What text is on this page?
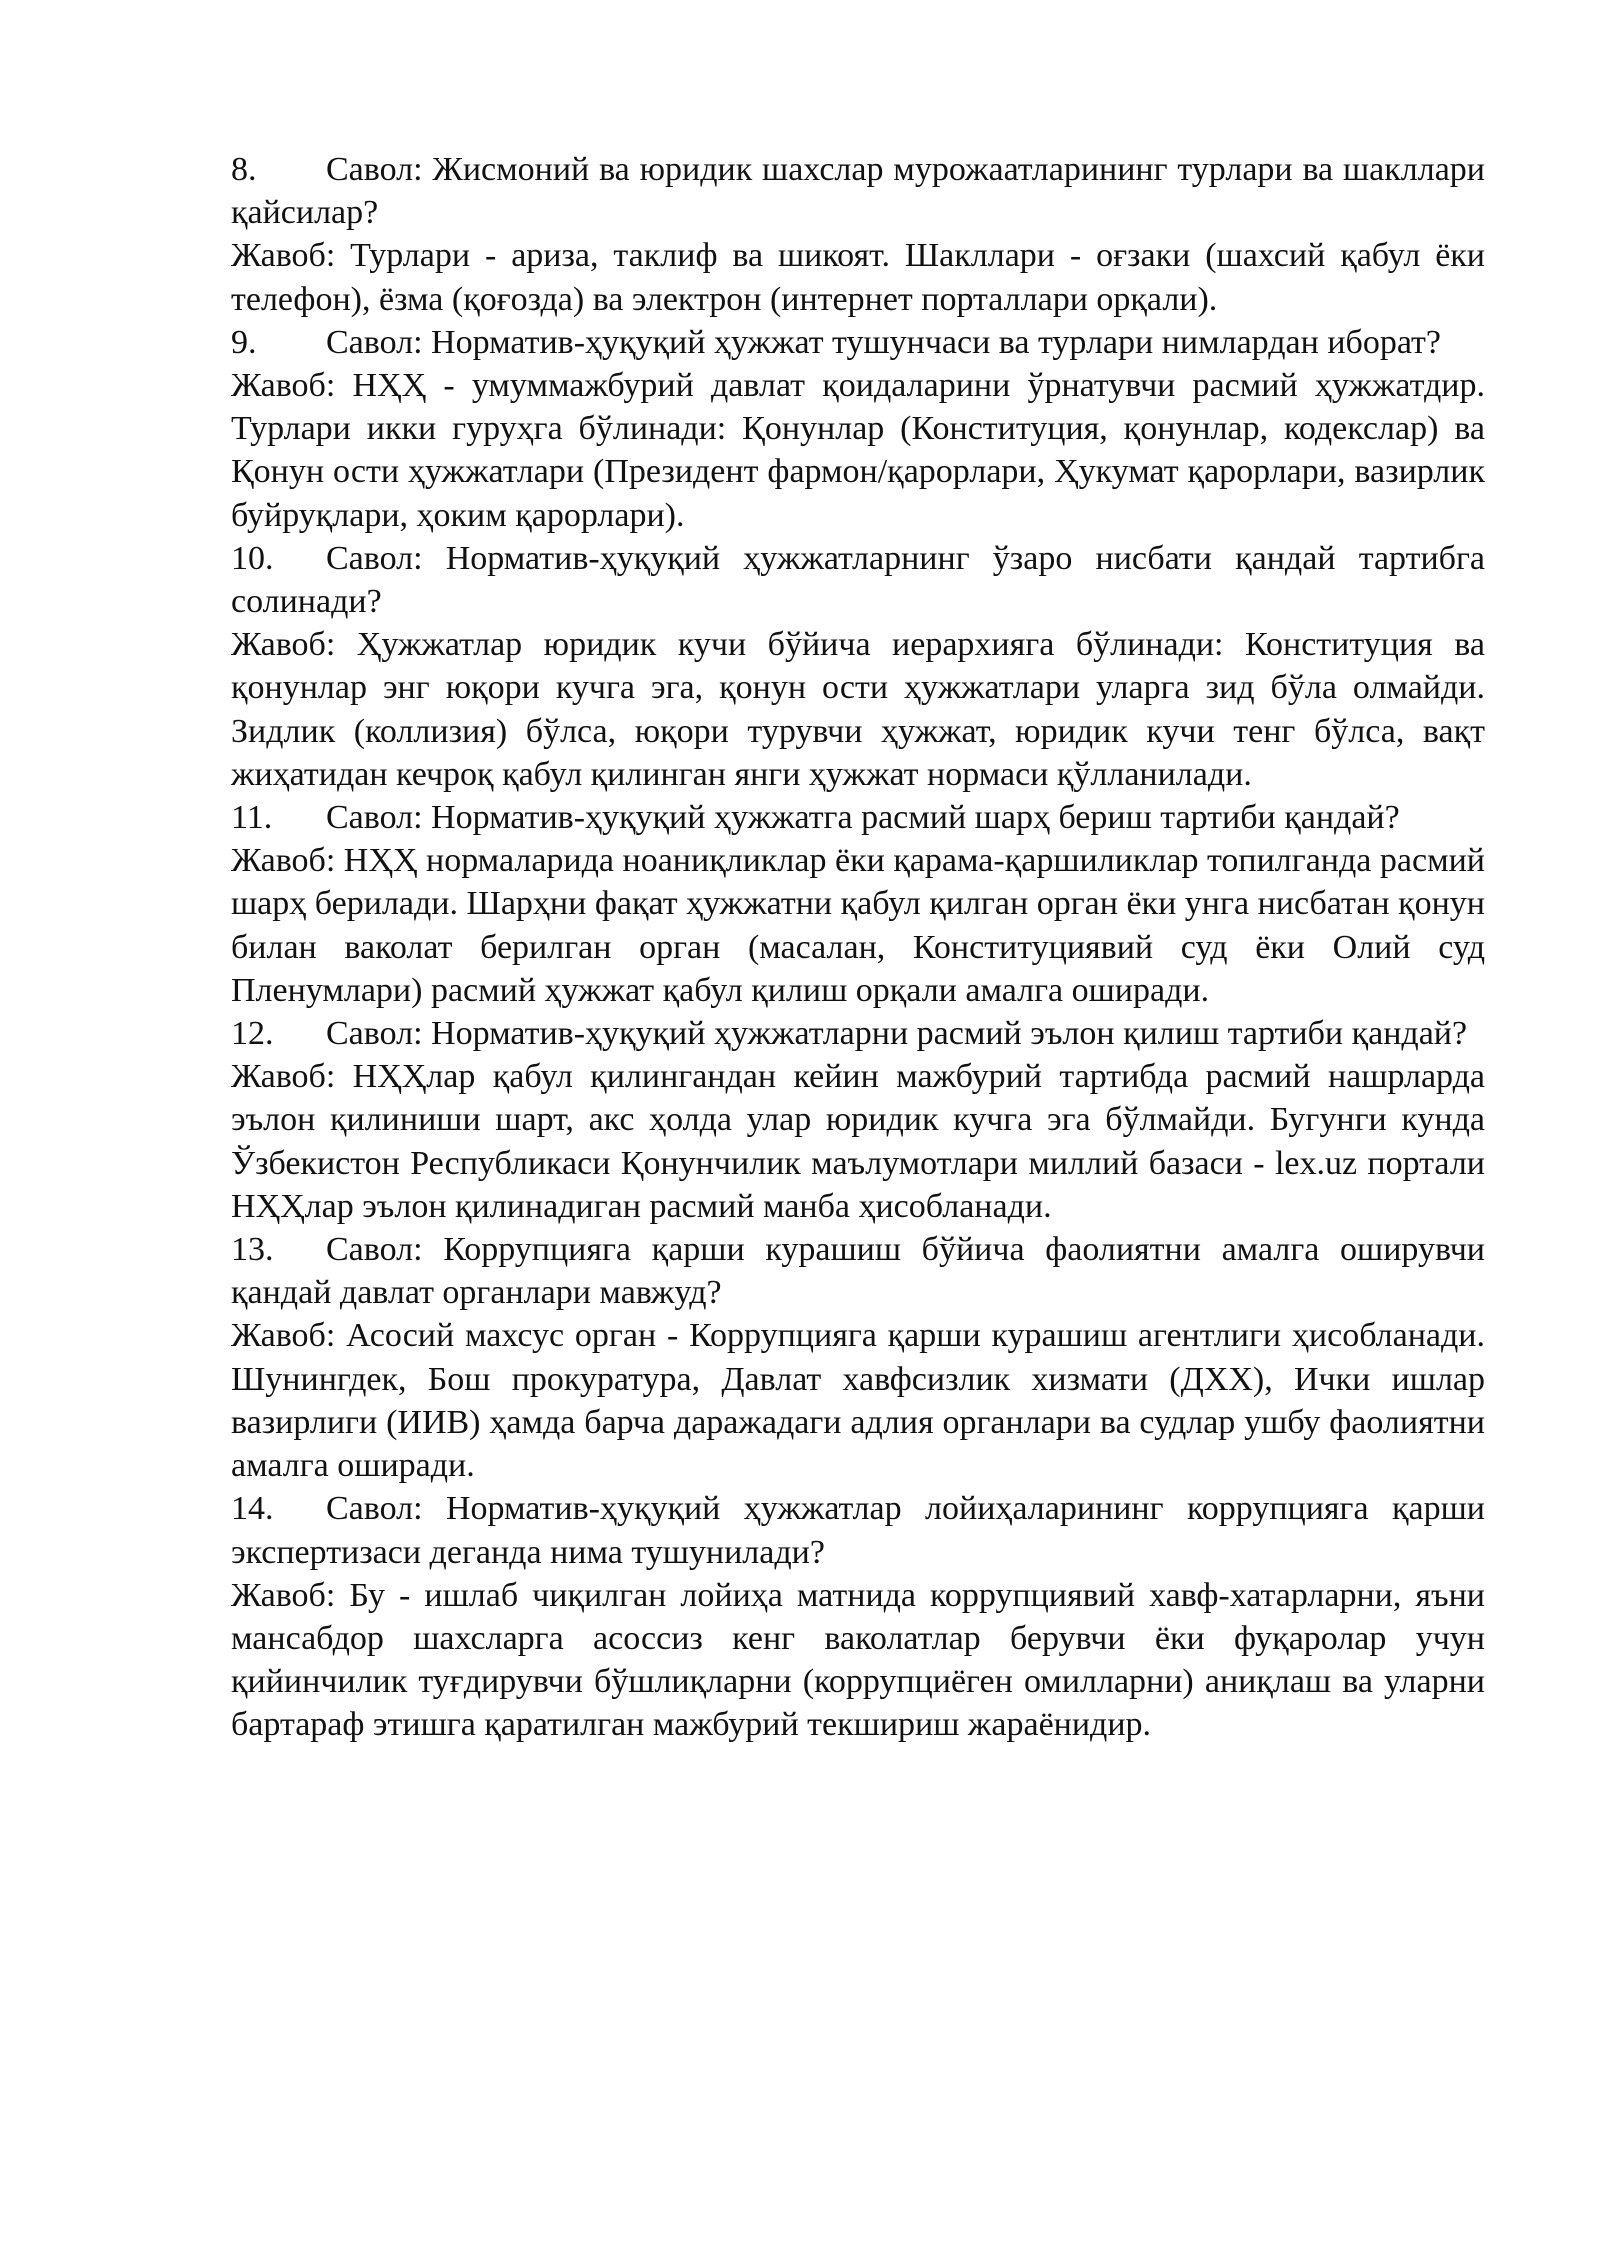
8. Савол: Жисмоний ва юридик шахслар мурожаатларининг турлари ва шакллари қайсилар?

Жавоб: Турлари - ариза, таклиф ва шикоят. Шакллари - оғзаки (шахсий қабул ёки телефон), ёзма (қоғозда) ва электрон (интернет порталлари орқали).

9. Савол: Норматив-ҳуқуқий ҳужжат тушунчаси ва турлари нимлардан иборат?

Жавоб: НҲҲ - умуммажбурий давлат қоидаларини ўрнатувчи расмий ҳужжатдир. Турлари икки гуруҳга бўлинади: Қонунлар (Конституция, қонунлар, кодекслар) ва Қонун ости ҳужжатлари (Президент фармон/қарорлари, Ҳукумат қарорлари, вазирлик буйруқлари, ҳоким қарорлари).

10. Савол: Норматив-ҳуқуқий ҳужжатларнинг ўзаро нисбати қандай тартибга солинади?

Жавоб: Ҳужжатлар юридик кучи бўйича иерархияга бўлинади: Конституция ва қонунлар энг юқори кучга эга, қонун ости ҳужжатлари уларга зид бўла олмайди. Зидлик (коллизия) бўлса, юқори турувчи ҳужжат, юридик кучи тенг бўлса, вақт жиҳатидан кечроқ қабул қилинган янги ҳужжат нормаси қўлланилади.

11. Савол: Норматив-ҳуқуқий ҳужжатга расмий шарҳ бериш тартиби қандай?

Жавоб: НҲҲ нормаларида ноаниқликлар ёки қарама-қаршиликлар топилганда расмий шарҳ берилади. Шарҳни фақат ҳужжатни қабул қилган орган ёки унга нисбатан қонун билан ваколат берилган орган (масалан, Конституциявий суд ёки Олий суд Пленумлари) расмий ҳужжат қабул қилиш орқали амалга оширади.

12. Савол: Норматив-ҳуқуқий ҳужжатларни расмий эълон қилиш тартиби қандай?

Жавоб: НҲҲлар қабул қилингандан кейин мажбурий тартибда расмий нашрларда эълон қилиниши шарт, акс ҳолда улар юридик кучга эга бўлмайди. Бугунги кунда Ўзбекистон Республикаси Қонунчилик маълумотлари миллий базаси - lex.uz портали НҲҲлар эълон қилинадиган расмий манба ҳисобланади.

13. Савол: Коррупцияга қарши курашиш бўйича фаолиятни амалга оширувчи қандай давлат органлари мавжуд?

Жавоб: Асосий махсус орган - Коррупцияга қарши курашиш агентлиги ҳисобланади. Шунингдек, Бош прокуратура, Давлат хавфсизлик хизмати (ДХХ), Ички ишлар вазирлиги (ИИВ) ҳамда барча даражадаги адлия органлари ва судлар ушбу фаолиятни амалга оширади.

14. Савол: Норматив-ҳуқуқий ҳужжатлар лойиҳаларининг коррупцияга қарши экспертизаси деганда нима тушунилади?

Жавоб: Бу - ишлаб чиқилган лойиҳа матнида коррупциявий хавф-хатарларни, яъни мансабдор шахсларга асоссиз кенг ваколатлар берувчи ёки фуқаролар учун қийинчилик туғдирувчи бўшлиқларни (коррупциёген омилларни) аниқлаш ва уларни бартараф этишга қаратилган мажбурий текшириш жараёнидир.
